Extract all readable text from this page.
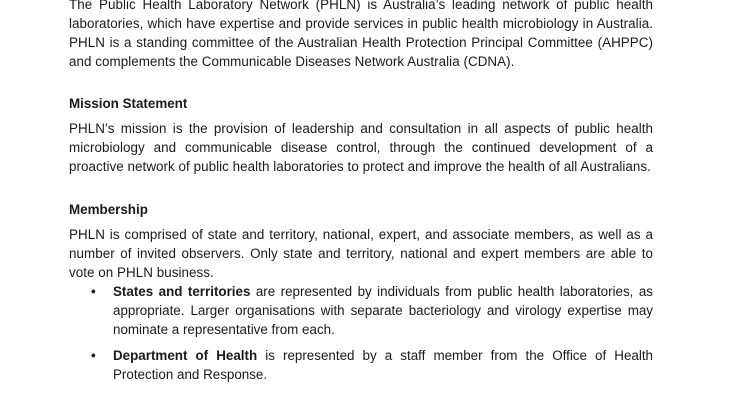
The Public Health Laboratory Network (PHLN) is Australia’s leading network of public health laboratories, which have expertise and provide services in public health microbiology in Australia. PHLN is a standing committee of the Australian Health Protection Principal Committee (AHPPC) and complements the Communicable Diseases Network Australia (CDNA).

Mission Statement

PHLN’s mission is the provision of leadership and consultation in all aspects of public health microbiology and communicable disease control, through the continued development of a proactive network of public health laboratories to protect and improve the health of all Australians.

Membership

PHLN is comprised of state and territory, national, expert, and associate members, as well as a number of invited observers. Only state and territory, national and expert members are able to vote on PHLN business.

• States and territories are represented by individuals from public health laboratories, as appropriate. Larger organisations with separate bacteriology and virology expertise may nominate a representative from each.
• Department of Health is represented by a staff member from the Office of Health Protection and Response.
